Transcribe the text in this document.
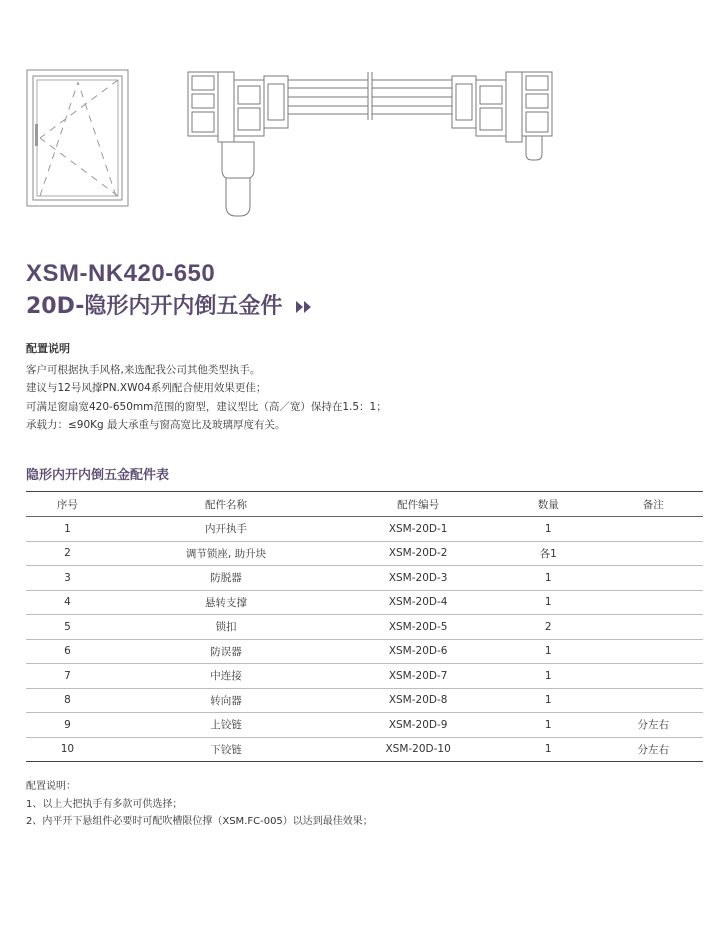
XSM-NK420-650
20D-隐形内开内倒五金件
配置说明
客户可根据执手风格,来选配我公司其他类型执手。
建议与12号风撑PN.XW04系列配合使用效果更佳；
可满足窗扇宽420-650mm范围的窗型，建议型比（高／宽）保持在1.5：1；
承载力：≤90Kg 最大承重与窗高宽比及玻璃厚度有关。
隐形内开内倒五金配件表
序号	配件名称	配件编号	数量	备注
1	内开执手	XSM-20D-1	1	
2	调节锁座, 助升块	XSM-20D-2	各1	
3	防脱器	XSM-20D-3	1	
4	悬转支撑	XSM-20D-4	1	
5	锁扣	XSM-20D-5	2	
6	防误器	XSM-20D-6	1	
7	中连接	XSM-20D-7	1	
8	转向器	XSM-20D-8	1	
9	上铰链	XSM-20D-9	1	分左右
10	下铰链	XSM-20D-10	1	分左右
配置说明：
1、以上大把执手有多款可供选择；
2、内平开下悬组件必要时可配吹槽限位撑（XSM.FC-005）以达到最佳效果；
